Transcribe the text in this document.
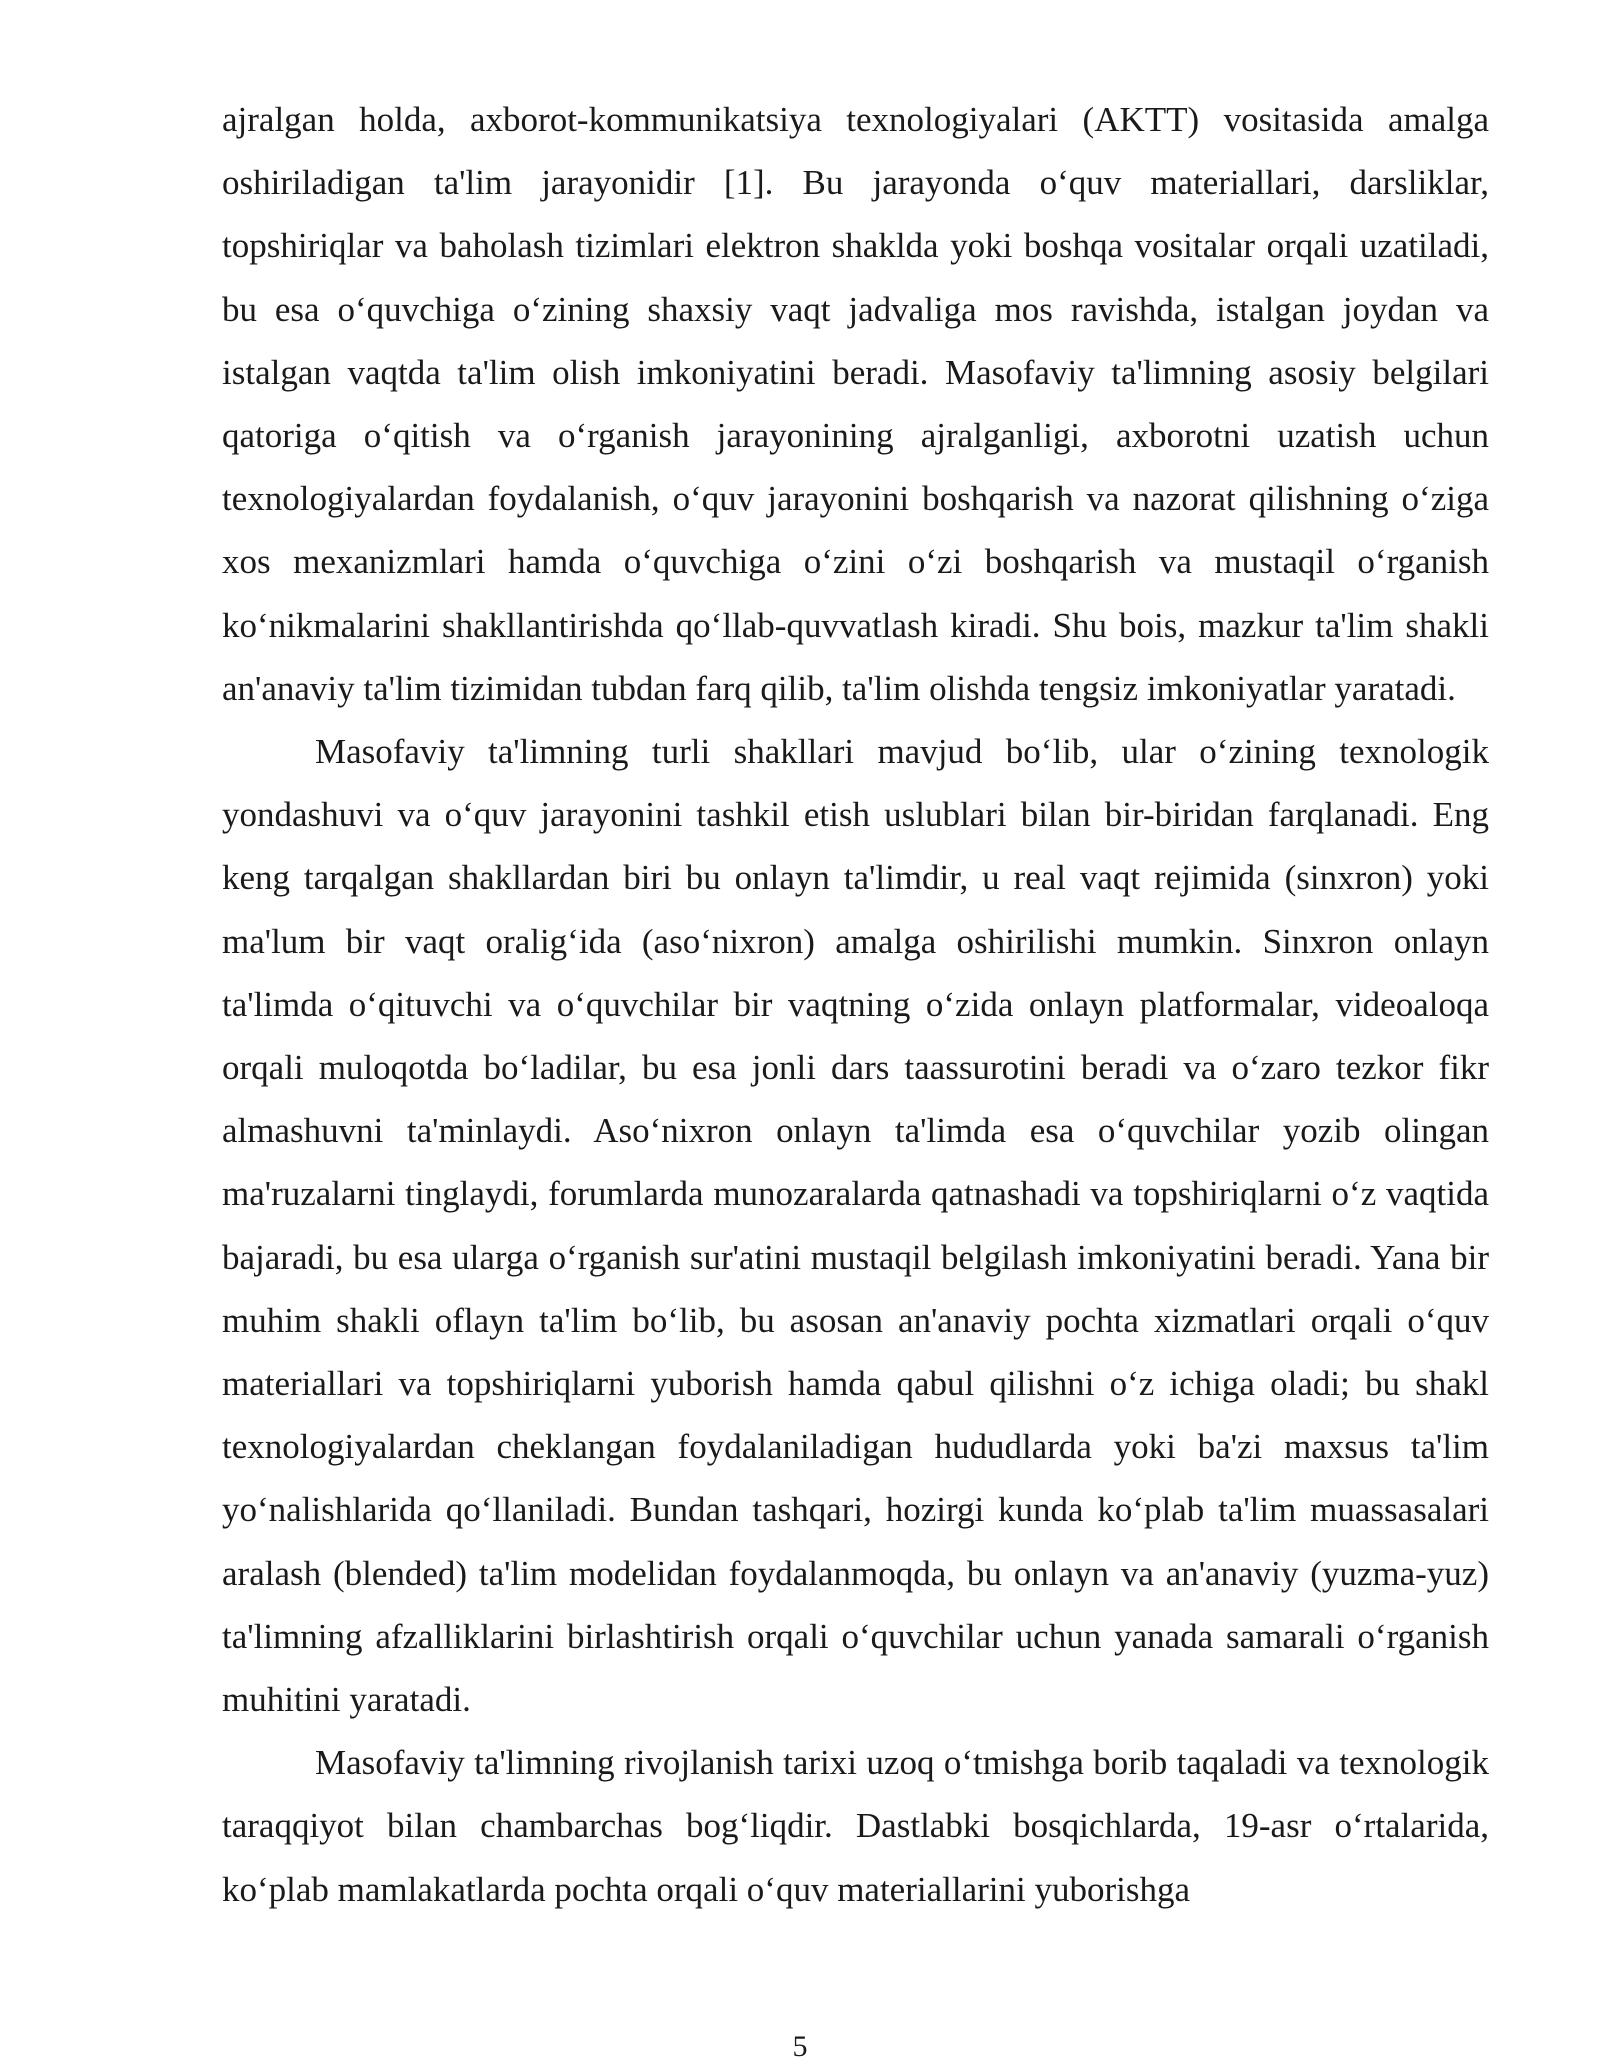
ajralgan holda, axborot-kommunikatsiya texnologiyalari (AKTT) vositasida amalga oshiriladigan ta'lim jarayonidir [1]. Bu jarayonda o‘quv materiallari, darsliklar, topshiriqlar va baholash tizimlari elektron shaklda yoki boshqa vositalar orqali uzatiladi, bu esa o‘quvchiga o‘zining shaxsiy vaqt jadvaliga mos ravishda, istalgan joydan va istalgan vaqtda ta'lim olish imkoniyatini beradi. Masofaviy ta'limning asosiy belgilari qatoriga o‘qitish va o‘rganish jarayonining ajralganligi, axborotni uzatish uchun texnologiyalardan foydalanish, o‘quv jarayonini boshqarish va nazorat qilishning o‘ziga xos mexanizmlari hamda o‘quvchiga o‘zini o‘zi boshqarish va mustaqil o‘rganish ko‘nikmalarini shakllantirishda qo‘llab-quvvatlash kiradi. Shu bois, mazkur ta'lim shakli an'anaviy ta'lim tizimidan tubdan farq qilib, ta'lim olishda tengsiz imkoniyatlar yaratadi.

Masofaviy ta'limning turli shakllari mavjud bo‘lib, ular o‘zining texnologik yondashuvi va o‘quv jarayonini tashkil etish uslublari bilan bir-biridan farqlanadi. Eng keng tarqalgan shakllardan biri bu onlayn ta'limdir, u real vaqt rejimida (sinxron) yoki ma'lum bir vaqt oralig‘ida (aso‘nixron) amalga oshirilishi mumkin. Sinxron onlayn ta'limda o‘qituvchi va o‘quvchilar bir vaqtning o‘zida onlayn platformalar, videoaloqa orqali muloqotda bo‘ladilar, bu esa jonli dars taassurotini beradi va o‘zaro tezkor fikr almashuvni ta'minlaydi. Aso‘nixron onlayn ta'limda esa o‘quvchilar yozib olingan ma'ruzalarni tinglaydi, forumlarda munozaralarda qatnashadi va topshiriqlarni o‘z vaqtida bajaradi, bu esa ularga o‘rganish sur'atini mustaqil belgilash imkoniyatini beradi. Yana bir muhim shakli oflayn ta'lim bo‘lib, bu asosan an'anaviy pochta xizmatlari orqali o‘quv materiallari va topshiriqlarni yuborish hamda qabul qilishni o‘z ichiga oladi; bu shakl texnologiyalardan cheklangan foydalaniladigan hududlarda yoki ba'zi maxsus ta'lim yo‘nalishlarida qo‘llaniladi. Bundan tashqari, hozirgi kunda ko‘plab ta'lim muassasalari aralash (blended) ta'lim modelidan foydalanmoqda, bu onlayn va an'anaviy (yuzma-yuz) ta'limning afzalliklarini birlashtirish orqali o‘quvchilar uchun yanada samarali o‘rganish muhitini yaratadi.

Masofaviy ta'limning rivojlanish tarixi uzoq o‘tmishga borib taqaladi va texnologik taraqqiyot bilan chambarchas bog‘liqdir. Dastlabki bosqichlarda, 19-asr o‘rtalarida, ko‘plab mamlakatlarda pochta orqali o‘quv materiallarini yuborishga

5
